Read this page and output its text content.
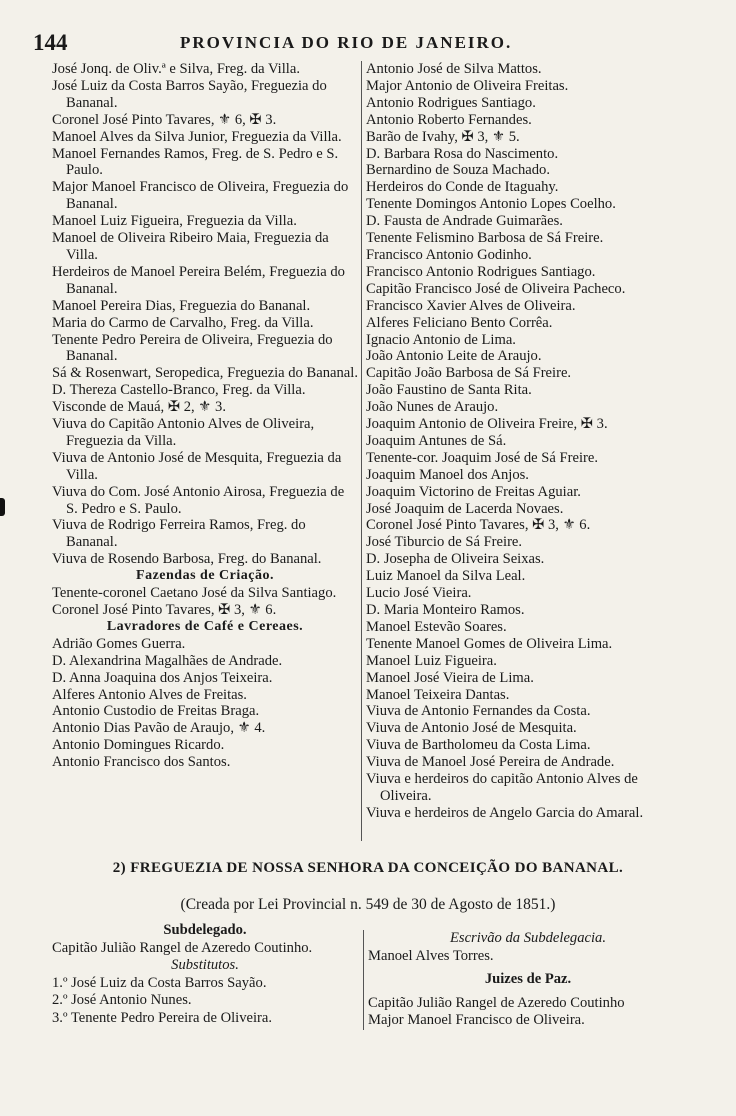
144	PROVINCIA DO RIO DE JANEIRO.
José Jonq. de Oliv.ª e Silva, Freg. da Villa.
José Luiz da Costa Barros Sayão, Freguezia do Bananal.
Coronel José Pinto Tavares, ⚜ 6, ✠ 3.
Manoel Alves da Silva Junior, Freguezia da Villa.
Manoel Fernandes Ramos, Freg. de S. Pedro e S. Paulo.
Major Manoel Francisco de Oliveira, Freguezia do Bananal.
Manoel Luiz Figueira, Freguezia da Villa.
Manoel de Oliveira Ribeiro Maia, Freguezia da Villa.
Herdeiros de Manoel Pereira Belém, Freguezia do Bananal.
Manoel Pereira Dias, Freguezia do Bananal.
Maria do Carmo de Carvalho, Freg. da Villa.
Tenente Pedro Pereira de Oliveira, Freguezia do Bananal.
Sá & Rosenwart, Seropedica, Freguezia do Bananal.
D. Thereza Castello-Branco, Freg. da Villa.
Visconde de Mauá, ✠ 2, ⚜ 3.
Viuva do Capitão Antonio Alves de Oliveira, Freguezia da Villa.
Viuva de Antonio José de Mesquita, Freguezia da Villa.
Viuva do Com. José Antonio Airosa, Freguezia de S. Pedro e S. Paulo.
Viuva de Rodrigo Ferreira Ramos, Freg. do Bananal.
Viuva de Rosendo Barbosa, Freg. do Bananal.
Fazendas de Criação.
Tenente-coronel Caetano José da Silva Santiago.
Coronel José Pinto Tavares, ✠ 3, ⚜ 6.
Lavradores de Café e Cereaes.
Adrião Gomes Guerra.
D. Alexandrina Magalhães de Andrade.
D. Anna Joaquina dos Anjos Teixeira.
Alferes Antonio Alves de Freitas.
Antonio Custodio de Freitas Braga.
Antonio Dias Pavão de Araujo, ⚜ 4.
Antonio Domingues Ricardo.
Antonio Francisco dos Santos.
Antonio José de Silva Mattos.
Major Antonio de Oliveira Freitas.
Antonio Rodrigues Santiago.
Antonio Roberto Fernandes.
Barão de Ivahy, ✠ 3, ⚜ 5.
D. Barbara Rosa do Nascimento.
Bernardino de Souza Machado.
Herdeiros do Conde de Itaguahy.
Tenente Domingos Antonio Lopes Coelho.
D. Fausta de Andrade Guimarães.
Tenente Felismino Barbosa de Sá Freire.
Francisco Antonio Godinho.
Francisco Antonio Rodrigues Santiago.
Capitão Francisco José de Oliveira Pacheco.
Francisco Xavier Alves de Oliveira.
Alferes Feliciano Bento Corrêa.
Ignacio Antonio de Lima.
João Antonio Leite de Araujo.
Capitão João Barbosa de Sá Freire.
João Faustino de Santa Rita.
João Nunes de Araujo.
Joaquim Antonio de Oliveira Freire, ✠ 3.
Joaquim Antunes de Sá.
Tenente-cor. Joaquim José de Sá Freire.
Joaquim Manoel dos Anjos.
Joaquim Victorino de Freitas Aguiar.
José Joaquim de Lacerda Novaes.
Coronel José Pinto Tavares, ✠ 3, ⚜ 6.
José Tiburcio de Sá Freire.
D. Josepha de Oliveira Seixas.
Luiz Manoel da Silva Leal.
Lucio José Vieira.
D. Maria Monteiro Ramos.
Manoel Estevão Soares.
Tenente Manoel Gomes de Oliveira Lima.
Manoel Luiz Figueira.
Manoel José Vieira de Lima.
Manoel Teixeira Dantas.
Viuva de Antonio Fernandes da Costa.
Viuva de Antonio José de Mesquita.
Viuva de Bartholomeu da Costa Lima.
Viuva de Manoel José Pereira de Andrade.
Viuva e herdeiros do capitão Antonio Alves de Oliveira.
Viuva e herdeiros de Angelo Garcia do Amaral.
2) FREGUEZIA DE NOSSA SENHORA DA CONCEIÇÃO DO BANANAL.
(Creada por Lei Provincial n. 549 de 30 de Agosto de 1851.)
Subdelegado.
Capitão Julião Rangel de Azeredo Coutinho.
Substitutos.
1.º José Luiz da Costa Barros Sayão.
2.º José Antonio Nunes.
3.º Tenente Pedro Pereira de Oliveira.
Escrivão da Subdelegacia.
Manoel Alves Torres.
Juizes de Paz.
Capitão Julião Rangel de Azeredo Coutinho
Major Manoel Francisco de Oliveira.
